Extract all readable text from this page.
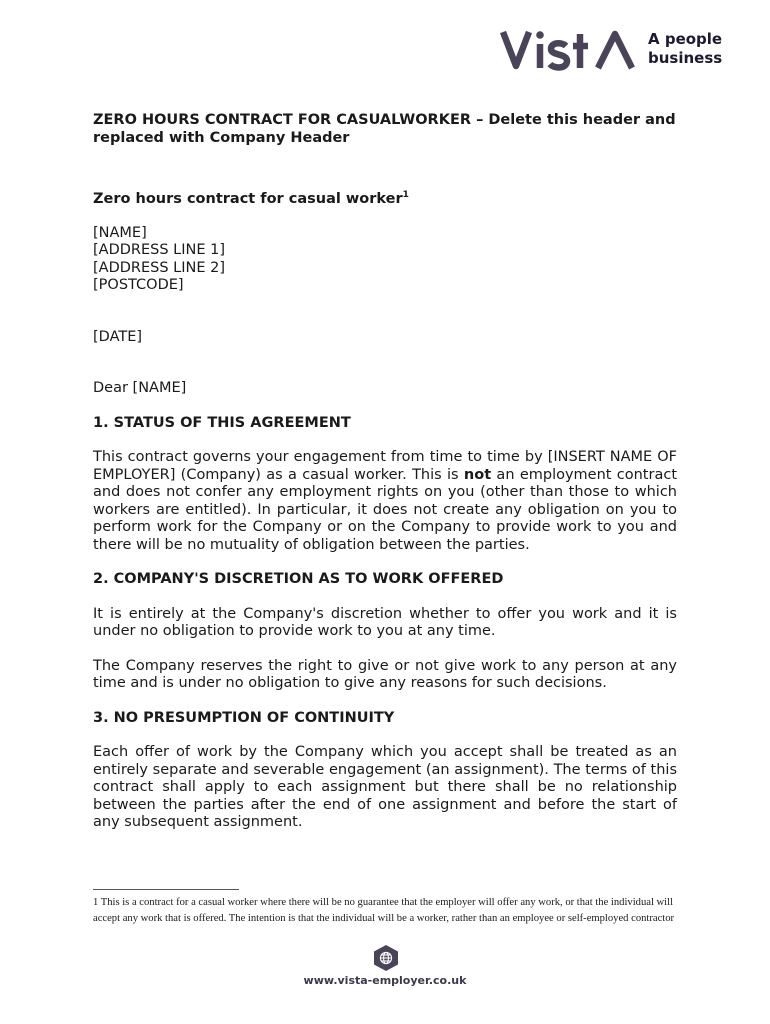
A people
business

ZERO HOURS CONTRACT FOR CASUALWORKER – Delete this header and replaced with Company Header

Zero hours contract for casual worker$^1$

[NAME]
[ADDRESS LINE 1]
[ADDRESS LINE 2]
[POSTCODE]

[DATE]

Dear [NAME]

1. STATUS OF THIS AGREEMENT

This contract governs your engagement from time to time by [INSERT NAME OF EMPLOYER] (Company) as a casual worker. This is not an employment contract and does not confer any employment rights on you (other than those to which workers are entitled). In particular, it does not create any obligation on you to perform work for the Company or on the Company to provide work to you and there will be no mutuality of obligation between the parties.

2. COMPANY'S DISCRETION AS TO WORK OFFERED

It is entirely at the Company's discretion whether to offer you work and it is under no obligation to provide work to you at any time.

The Company reserves the right to give or not give work to any person at any time and is under no obligation to give any reasons for such decisions.

3. NO PRESUMPTION OF CONTINUITY

Each offer of work by the Company which you accept shall be treated as an entirely separate and severable engagement (an assignment). The terms of this contract shall apply to each assignment but there shall be no relationship between the parties after the end of one assignment and before the start of any subsequent assignment.

1 This is a contract for a casual worker where there will be no guarantee that the employer will offer any work, or that the individual will accept any work that is offered. The intention is that the individual will be a worker, rather than an employee or self-employed contractor
www.vista-employer.co.uk
